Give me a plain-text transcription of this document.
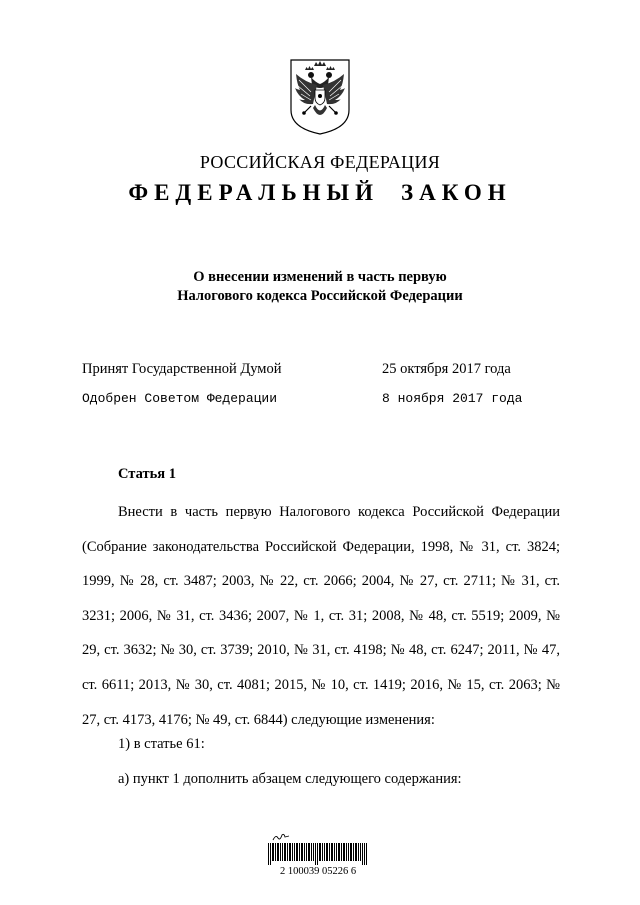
РОССИЙСКАЯ ФЕДЕРАЦИЯ
ФЕДЕРАЛЬНЫЙ ЗАКОН
О внесении изменений в часть первую
Налогового кодекса Российской Федерации
Принят Государственной Думой	25 октября 2017 года
Одобрен Советом Федерации	8 ноября 2017 года
Статья 1

Внести в часть первую Налогового кодекса Российской Федерации (Собрание законодательства Российской Федерации, 1998, № 31, ст. 3824; 1999, № 28, ст. 3487; 2003, № 22, ст. 2066; 2004, № 27, ст. 2711; № 31, ст. 3231; 2006, № 31, ст. 3436; 2007, № 1, ст. 31; 2008, № 48, ст. 5519; 2009, № 29, ст. 3632; № 30, ст. 3739; 2010, № 31, ст. 4198; № 48, ст. 6247; 2011, № 47, ст. 6611; 2013, № 30, ст. 4081; 2015, № 10, ст. 1419; 2016, № 15, ст. 2063; № 27, ст. 4173, 4176; № 49, ст. 6844) следующие изменения:

1) в статье 61:
а) пункт 1 дополнить абзацем следующего содержания:
2 100039 05226 6
